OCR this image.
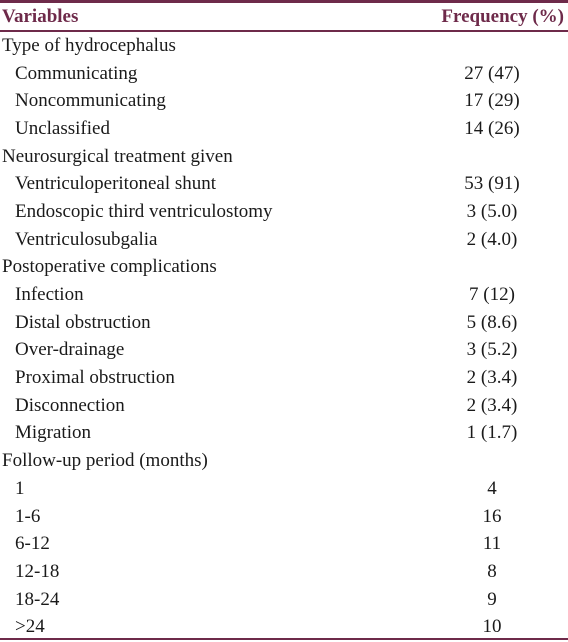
Variables	Frequency (%)
Type of hydrocephalus
Communicating	27 (47)
Noncommunicating	17 (29)
Unclassified	14 (26)
Neurosurgical treatment given
Ventriculoperitoneal shunt	53 (91)
Endoscopic third ventriculostomy	3 (5.0)
Ventriculosubgalia	2 (4.0)
Postoperative complications
Infection	7 (12)
Distal obstruction	5 (8.6)
Over-drainage	3 (5.2)
Proximal obstruction	2 (3.4)
Disconnection	2 (3.4)
Migration	1 (1.7)
Follow-up period (months)
1	4
1-6	16
6-12	11
12-18	8
18-24	9
>24	10
